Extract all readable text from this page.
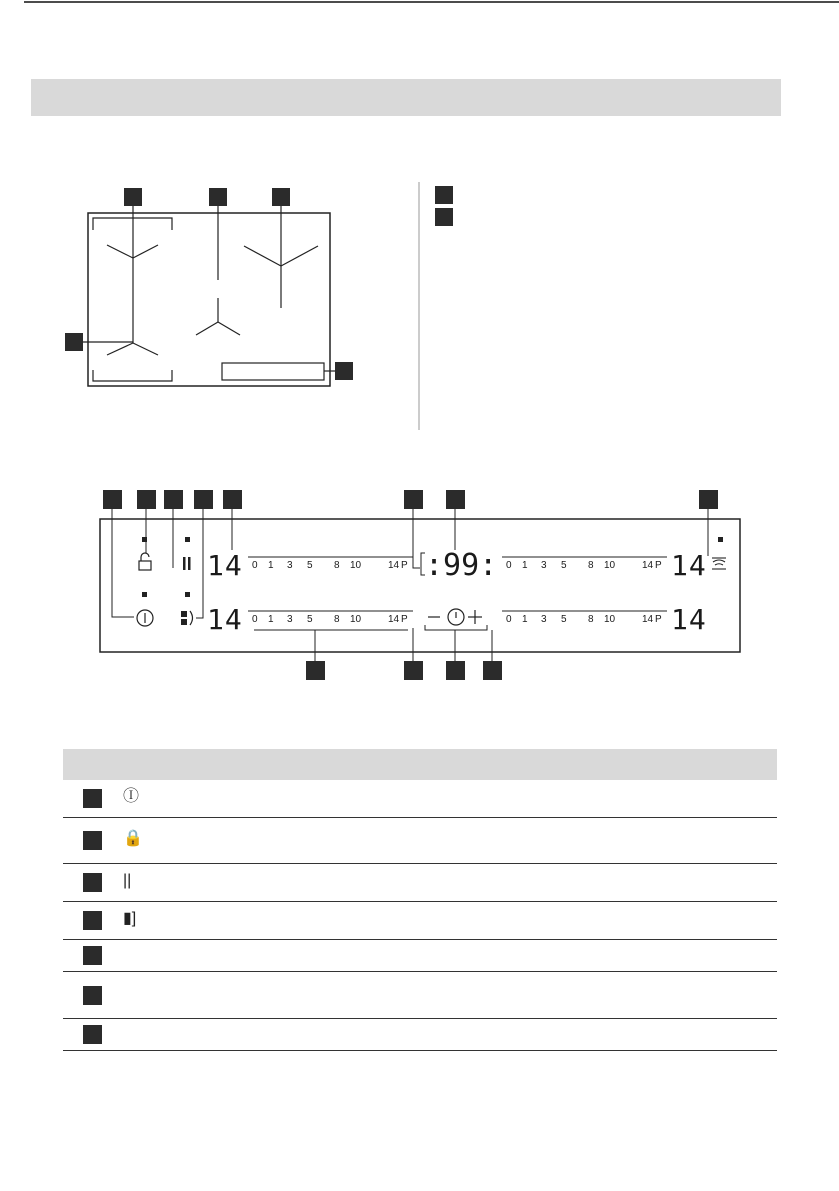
14
14
14
14
:99:
0 1 3 5 8 10	14 P
0 1 3 5 8 10	14 P
0 1 3 5 8 10	14 P
0 1 3 5 8 10	14 P
Ⓘ
🔒
||
▮]
